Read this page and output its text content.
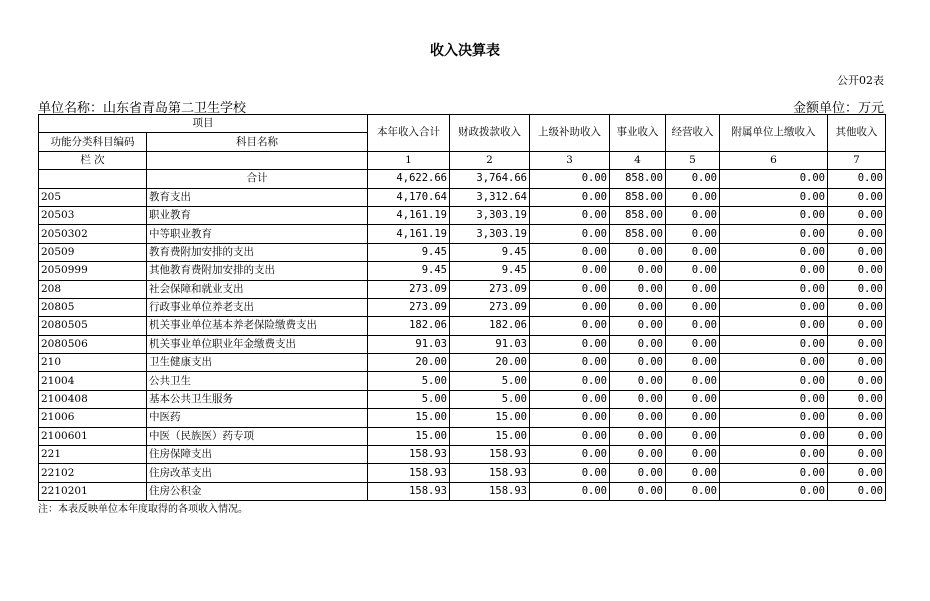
收入决算表
公开02表
单位名称：山东省青岛第二卫生学校	金额单位：万元
项目		本年收入合计	财政拨款收入	上级补助收入	事业收入	经营收入	附属单位上缴收入	其他收入
功能分类科目编码	科目名称							
栏 次		1	2	3	4	5	6	7
	合计	4,622.66	3,764.66	0.00	858.00	0.00	0.00	0.00
205	教育支出	4,170.64	3,312.64	0.00	858.00	0.00	0.00	0.00
20503	职业教育	4,161.19	3,303.19	0.00	858.00	0.00	0.00	0.00
2050302	中等职业教育	4,161.19	3,303.19	0.00	858.00	0.00	0.00	0.00
20509	教育费附加安排的支出	9.45	9.45	0.00	0.00	0.00	0.00	0.00
2050999	其他教育费附加安排的支出	9.45	9.45	0.00	0.00	0.00	0.00	0.00
208	社会保障和就业支出	273.09	273.09	0.00	0.00	0.00	0.00	0.00
20805	行政事业单位养老支出	273.09	273.09	0.00	0.00	0.00	0.00	0.00
2080505	机关事业单位基本养老保险缴费支出	182.06	182.06	0.00	0.00	0.00	0.00	0.00
2080506	机关事业单位职业年金缴费支出	91.03	91.03	0.00	0.00	0.00	0.00	0.00
210	卫生健康支出	20.00	20.00	0.00	0.00	0.00	0.00	0.00
21004	公共卫生	5.00	5.00	0.00	0.00	0.00	0.00	0.00
2100408	基本公共卫生服务	5.00	5.00	0.00	0.00	0.00	0.00	0.00
21006	中医药	15.00	15.00	0.00	0.00	0.00	0.00	0.00
2100601	中医（民族医）药专项	15.00	15.00	0.00	0.00	0.00	0.00	0.00
221	住房保障支出	158.93	158.93	0.00	0.00	0.00	0.00	0.00
22102	住房改革支出	158.93	158.93	0.00	0.00	0.00	0.00	0.00
2210201	住房公积金	158.93	158.93	0.00	0.00	0.00	0.00	0.00
注：本表反映单位本年度取得的各项收入情况。
